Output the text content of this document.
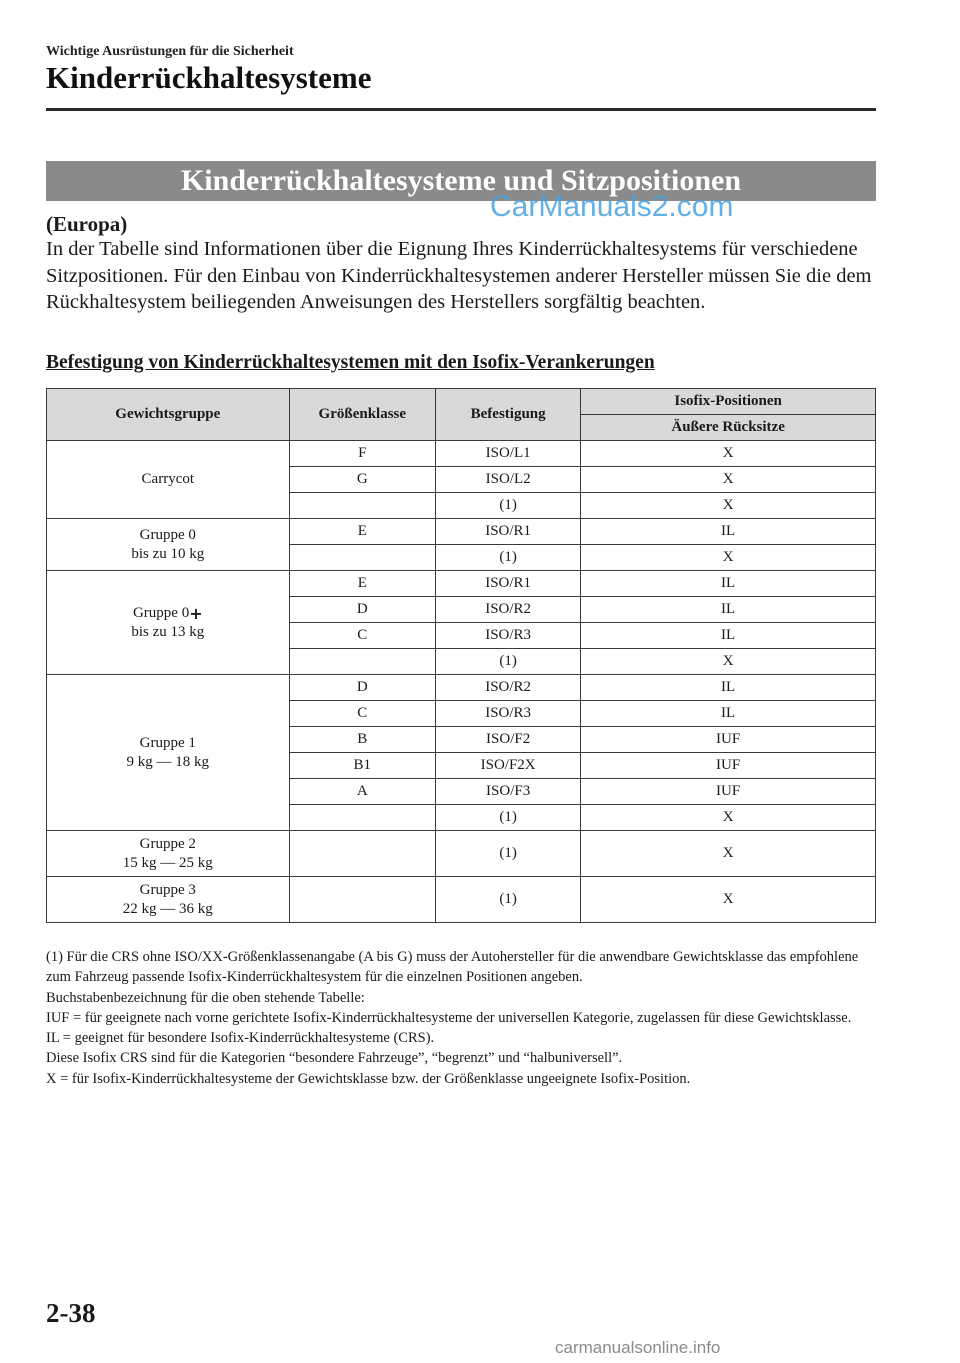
Wichtige Ausrüstungen für die Sicherheit
Kinderrückhaltesysteme
Kinderrückhaltesysteme und Sitzpositionen
CarManuals2.com
(Europa)

In der Tabelle sind Informationen über die Eignung Ihres Kinderrückhaltesystems für verschiedene Sitzpositionen. Für den Einbau von Kinderrückhaltesystemen anderer Hersteller müssen Sie die dem Rückhaltesystem beiliegenden Anweisungen des Herstellers sorgfältig beachten.

Befestigung von Kinderrückhaltesystemen mit den Isofix-Verankerungen
Gewichtsgruppe	Größenklasse	Befestigung	Isofix-Positionen
			Äußere Rücksitze
Carrycot	F	ISO/L1	X
	G	ISO/L2	X
		(1)	X
Gruppe 0
bis zu 10 kg	E	ISO/R1	IL
		(1)	X
Gruppe 0+
bis zu 13 kg	E	ISO/R1	IL
	D	ISO/R2	IL
	C	ISO/R3	IL
		(1)	X
Gruppe 1
9 kg — 18 kg	D	ISO/R2	IL
	C	ISO/R3	IL
	B	ISO/F2	IUF
	B1	ISO/F2X	IUF
	A	ISO/F3	IUF
		(1)	X
Gruppe 2
15 kg — 25 kg		(1)	X
Gruppe 3
22 kg — 36 kg		(1)	X

(1) Für die CRS ohne ISO/XX-Größenklassenangabe (A bis G) muss der Autohersteller für die anwendbare Gewichtsklasse das empfohlene zum Fahrzeug passende Isofix-Kinderrückhaltesystem für die einzelnen Positionen angeben.

Buchstabenbezeichnung für die oben stehende Tabelle:

IUF = für geeignete nach vorne gerichtete Isofix-Kinderrückhaltesysteme der universellen Kategorie, zugelassen für diese Gewichtsklasse.

IL = geeignet für besondere Isofix-Kinderrückhaltesysteme (CRS).

Diese Isofix CRS sind für die Kategorien “besondere Fahrzeuge”, “begrenzt” und “halbuniversell”.

X = für Isofix-Kinderrückhaltesysteme der Gewichtsklasse bzw. der Größenklasse ungeeignete Isofix-Position.

2-38
carmanualsonline.info
